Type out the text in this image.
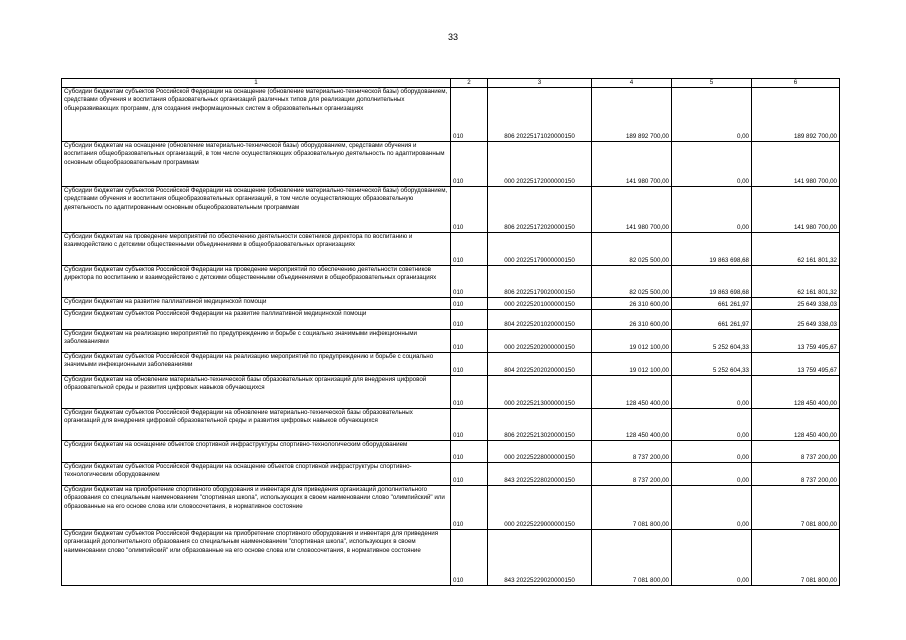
33
1	2	3	4	5	6
Субсидии бюджетам субъектов Российской Федерации на оснащение (обновление материально-технической базы) оборудованием, средствами обучения и воспитания образовательных организаций различных типов для реализации дополнительных общеразвивающих программ, для создания информационных систем в образовательных организациях	010	806 20225171020000150	189 892 700,00	0,00	189 892 700,00
Субсидии бюджетам на оснащение (обновление материально-технической базы) оборудованием, средствами обучения и воспитания общеобразовательных организаций, в том числе осуществляющих образовательную деятельность по адаптированным основным общеобразовательным программам	010	000 20225172000000150	141 980 700,00	0,00	141 980 700,00
Субсидии бюджетам субъектов Российской Федерации на оснащение (обновление материально-технической базы) оборудованием, средствами обучения и воспитания общеобразовательных организаций, в том числе осуществляющих образовательную деятельность по адаптированным основным общеобразовательным программам	010	806 20225172020000150	141 980 700,00	0,00	141 980 700,00
Субсидии бюджетам на проведение мероприятий по обеспечению деятельности советников директора по воспитанию и взаимодействию с детскими общественными объединениями в общеобразовательных организациях	010	000 20225179000000150	82 025 500,00	19 863 698,68	62 161 801,32
Субсидии бюджетам субъектов Российской Федерации на проведение мероприятий по обеспечению деятельности советников директора по воспитанию и взаимодействию с детскими общественными объединениями в общеобразовательных организациях	010	806 20225179020000150	82 025 500,00	19 863 698,68	62 161 801,32
Субсидии бюджетам на развитие паллиативной медицинской помощи	010	000 20225201000000150	26 310 600,00	661 261,97	25 649 338,03
Субсидии бюджетам субъектов Российской Федерации на развитие паллиативной медицинской помощи	010	804 20225201020000150	26 310 600,00	661 261,97	25 649 338,03
Субсидии бюджетам на реализацию мероприятий по предупреждению и борьбе с социально значимыми инфекционными заболеваниями	010	000 20225202000000150	19 012 100,00	5 252 604,33	13 759 495,67
Субсидии бюджетам субъектов Российской Федерации на реализацию мероприятий по предупреждению и борьбе с социально значимыми инфекционными заболеваниями	010	804 20225202020000150	19 012 100,00	5 252 604,33	13 759 495,67
Субсидии бюджетам на обновление материально-технической базы образовательных организаций для внедрения цифровой образовательной среды и развития цифровых навыков обучающихся	010	000 20225213000000150	128 450 400,00	0,00	128 450 400,00
Субсидии бюджетам субъектов Российской Федерации на обновление материально-технической базы образовательных организаций для внедрения цифровой образовательной среды и развития цифровых навыков обучающихся	010	806 20225213020000150	128 450 400,00	0,00	128 450 400,00
Субсидии бюджетам на оснащение объектов спортивной инфраструктуры спортивно-технологическим оборудованием	010	000 20225228000000150	8 737 200,00	0,00	8 737 200,00
Субсидии бюджетам субъектов Российской Федерации на оснащение объектов спортивной инфраструктуры спортивно-технологическим оборудованием	010	843 20225228020000150	8 737 200,00	0,00	8 737 200,00
Субсидии бюджетам на приобретение спортивного оборудования и инвентаря для приведения организаций дополнительного образования со специальным наименованием "спортивная школа", использующих в своем наименовании слово "олимпийский" или образованные на его основе слова или словосочетания, в нормативное состояние	010	000 20225229000000150	7 081 800,00	0,00	7 081 800,00
Субсидии бюджетам субъектов Российской Федерации на приобретение спортивного оборудования и инвентаря для приведения организаций дополнительного образования со специальным наименованием "спортивная школа", использующих в своем наименовании слово "олимпийский" или образованные на его основе слова или словосочетания, в нормативное состояние	010	843 20225229020000150	7 081 800,00	0,00	7 081 800,00
